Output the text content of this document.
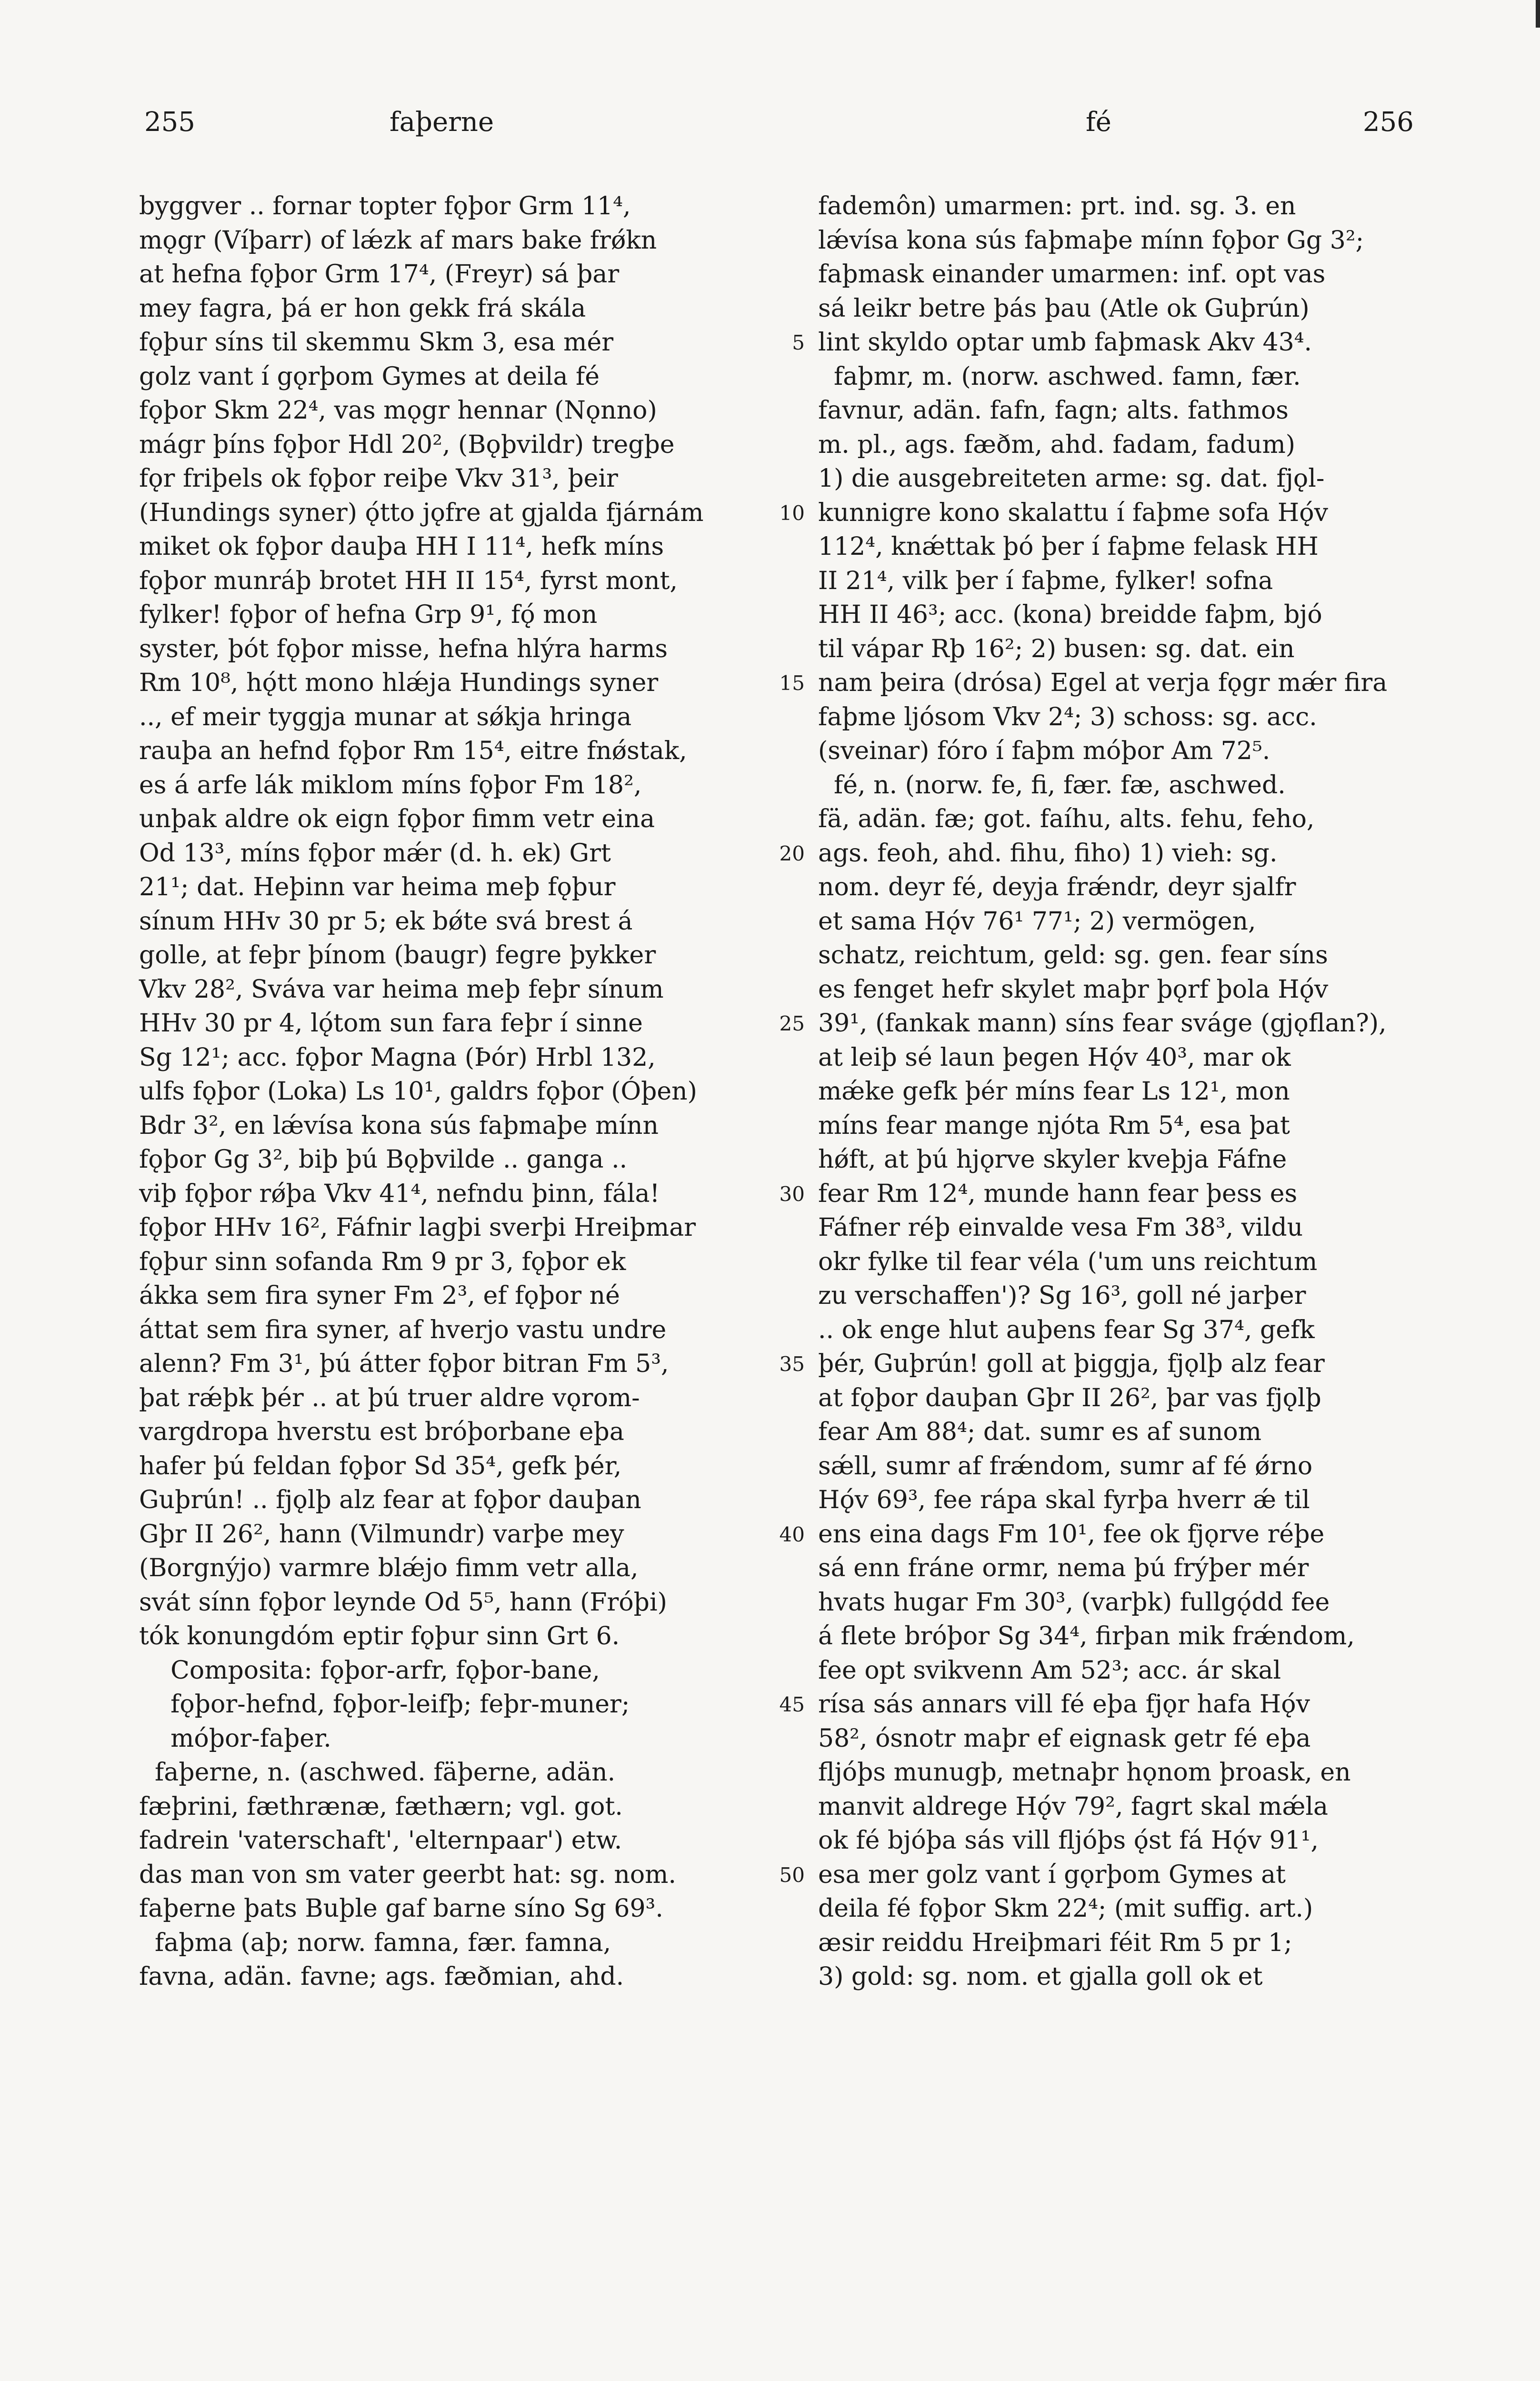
255	faþerne	fé	256
byggver .. fornar topter fǫþor Grm 11⁴,
mǫgr (Víþarr) of lǽzk af mars bake frǿkn
at hefna fǫþor Grm 17⁴, (Freyr) sá þar
mey fagra, þá er hon gekk frá skála
fǫþur síns til skemmu Skm 3, esa mér
golz vant í gǫrþom Gymes at deila fé
fǫþor Skm 22⁴, vas mǫgr hennar (Nǫnno)
mágr þíns fǫþor Hdl 20², (Bǫþvildr) tregþe
fǫr friþels ok fǫþor reiþe Vkv 31³, þeir
(Hundings syner) ǫ́tto jǫfre at gjalda fjárnám
miket ok fǫþor dauþa HH I 11⁴, hefk míns
fǫþor munráþ brotet HH II 15⁴, fyrst mont,
fylker! fǫþor of hefna Grp 9¹, fǫ́ mon
syster, þót fǫþor misse, hefna hlýra harms
Rm 10⁸, hǫ́tt mono hlǽja Hundings syner
.., ef meir tyggja munar at sǿkja hringa
rauþa an hefnd fǫþor Rm 15⁴, eitre fnǿstak,
es á arfe lák miklom míns fǫþor Fm 18²,
unþak aldre ok eign fǫþor fimm vetr eina
Od 13³, míns fǫþor mǽr (d. h. ek) Grt
21¹; dat. Heþinn var heima meþ fǫþur
sínum HHv 30 pr 5; ek bǿte svá brest á
golle, at feþr þínom (baugr) fegre þykker
Vkv 28², Sváva var heima meþ feþr sínum
HHv 30 pr 4, lǫ́tom sun fara feþr í sinne
Sg 12¹; acc. fǫþor Magna (Þór) Hrbl 132,
ulfs fǫþor (Loka) Ls 10¹, galdrs fǫþor (Óþen)
Bdr 3², en lǽvísa kona sús faþmaþe mínn
fǫþor Gg 3², biþ þú Bǫþvilde .. ganga ..
viþ fǫþor rǿþa Vkv 41⁴, nefndu þinn, fála!
fǫþor HHv 16², Fáfnir lagþi sverþi Hreiþmar
fǫþur sinn sofanda Rm 9 pr 3, fǫþor ek
ákka sem fira syner Fm 2³, ef fǫþor né
áttat sem fira syner, af hverjo vastu undre
alenn? Fm 3¹, þú átter fǫþor bitran Fm 5³,
þat rǽþk þér .. at þú truer aldre vǫrom-
vargdropa hverstu est bróþorbane eþa
hafer þú feldan fǫþor Sd 35⁴, gefk þér,
Guþrún! .. fjǫlþ alz fear at fǫþor dauþan
Gþr II 26², hann (Vilmundr) varþe mey
(Borgnýjo) varmre blǽjo fimm vetr alla,
svát sínn fǫþor leynde Od 5⁵, hann (Fróþi)
tók konungdóm eptir fǫþur sinn Grt 6.
Composita: fǫþor-arfr, fǫþor-bane,
fǫþor-hefnd, fǫþor-leifþ; feþr-muner;
móþor-faþer.
faþerne, n. (aschwed. fäþerne, adän.
fæþrini, fæthrænæ, fæthærn; vgl. got.
fadrein 'vaterschaft', 'elternpaar') etw.
das man von sm vater geerbt hat: sg. nom.
faþerne þats Buþle gaf barne síno Sg 69³.
faþma (aþ; norw. famna, fær. famna,
favna, adän. favne; ags. fæðmian, ahd.

5

10

15

20

25

30

35

40

45

50

fademôn) umarmen: prt. ind. sg. 3. en
lǽvísa kona sús faþmaþe mínn fǫþor Gg 3²;
faþmask einander umarmen: inf. opt vas
sá leikr betre þás þau (Atle ok Guþrún)
lint skyldo optar umb faþmask Akv 43⁴.
faþmr, m. (norw. aschwed. famn, fær.
favnur, adän. fafn, fagn; alts. fathmos
m. pl., ags. fæðm, ahd. fadam, fadum)
1) die ausgebreiteten arme: sg. dat. fjǫl-
kunnigre kono skalattu í faþme sofa Hǫ́v
112⁴, knǽttak þó þer í faþme felask HH
II 21⁴, vilk þer í faþme, fylker! sofna
HH II 46³; acc. (kona) breidde faþm, bjó
til vápar Rþ 16²; 2) busen: sg. dat. ein
nam þeira (drósa) Egel at verja fǫgr mǽr fira
faþme ljósom Vkv 2⁴; 3) schoss: sg. acc.
(sveinar) fóro í faþm móþor Am 72⁵.
fé, n. (norw. fe, fi, fær. fæ, aschwed.
fä, adän. fæ; got. faíhu, alts. fehu, feho,
ags. feoh, ahd. fihu, fiho) 1) vieh: sg.
nom. deyr fé, deyja frǽndr, deyr sjalfr
et sama Hǫ́v 76¹ 77¹; 2) vermögen,
schatz, reichtum, geld: sg. gen. fear síns
es fenget hefr skylet maþr þǫrf þola Hǫ́v
39¹, (fankak mann) síns fear sváge (gjǫflan?),
at leiþ sé laun þegen Hǫ́v 40³, mar ok
mǽke gefk þér míns fear Ls 12¹, mon
míns fear mange njóta Rm 5⁴, esa þat
hǿft, at þú hjǫrve skyler kveþja Fáfne
fear Rm 12⁴, munde hann fear þess es
Fáfner réþ einvalde vesa Fm 38³, vildu
okr fylke til fear véla ('um uns reichtum
zu verschaffen')? Sg 16³, goll né jarþer
.. ok enge hlut auþens fear Sg 37⁴, gefk
þér, Guþrún! goll at þiggja, fjǫlþ alz fear
at fǫþor dauþan Gþr II 26², þar vas fjǫlþ
fear Am 88⁴; dat. sumr es af sunom
sǽll, sumr af frǽndom, sumr af fé ǿrno
Hǫ́v 69³, fee rápa skal fyrþa hverr ǽ til
ens eina dags Fm 10¹, fee ok fjǫrve réþe
sá enn fráne ormr, nema þú frýþer mér
hvats hugar Fm 30³, (varþk) fullgǫ́dd fee
á flete bróþor Sg 34⁴, firþan mik frǽndom,
fee opt svikvenn Am 52³; acc. ár skal
rísa sás annars vill fé eþa fjǫr hafa Hǫ́v
58², ósnotr maþr ef eignask getr fé eþa
fljóþs munugþ, metnaþr hǫnom þroask, en
manvit aldrege Hǫ́v 79², fagrt skal mǽla
ok fé bjóþa sás vill fljóþs ǫ́st fá Hǫ́v 91¹,
esa mer golz vant í gǫrþom Gymes at
deila fé fǫþor Skm 22⁴; (mit suffig. art.)
æsir reiddu Hreiþmari féit Rm 5 pr 1;
3) gold: sg. nom. et gjalla goll ok et
